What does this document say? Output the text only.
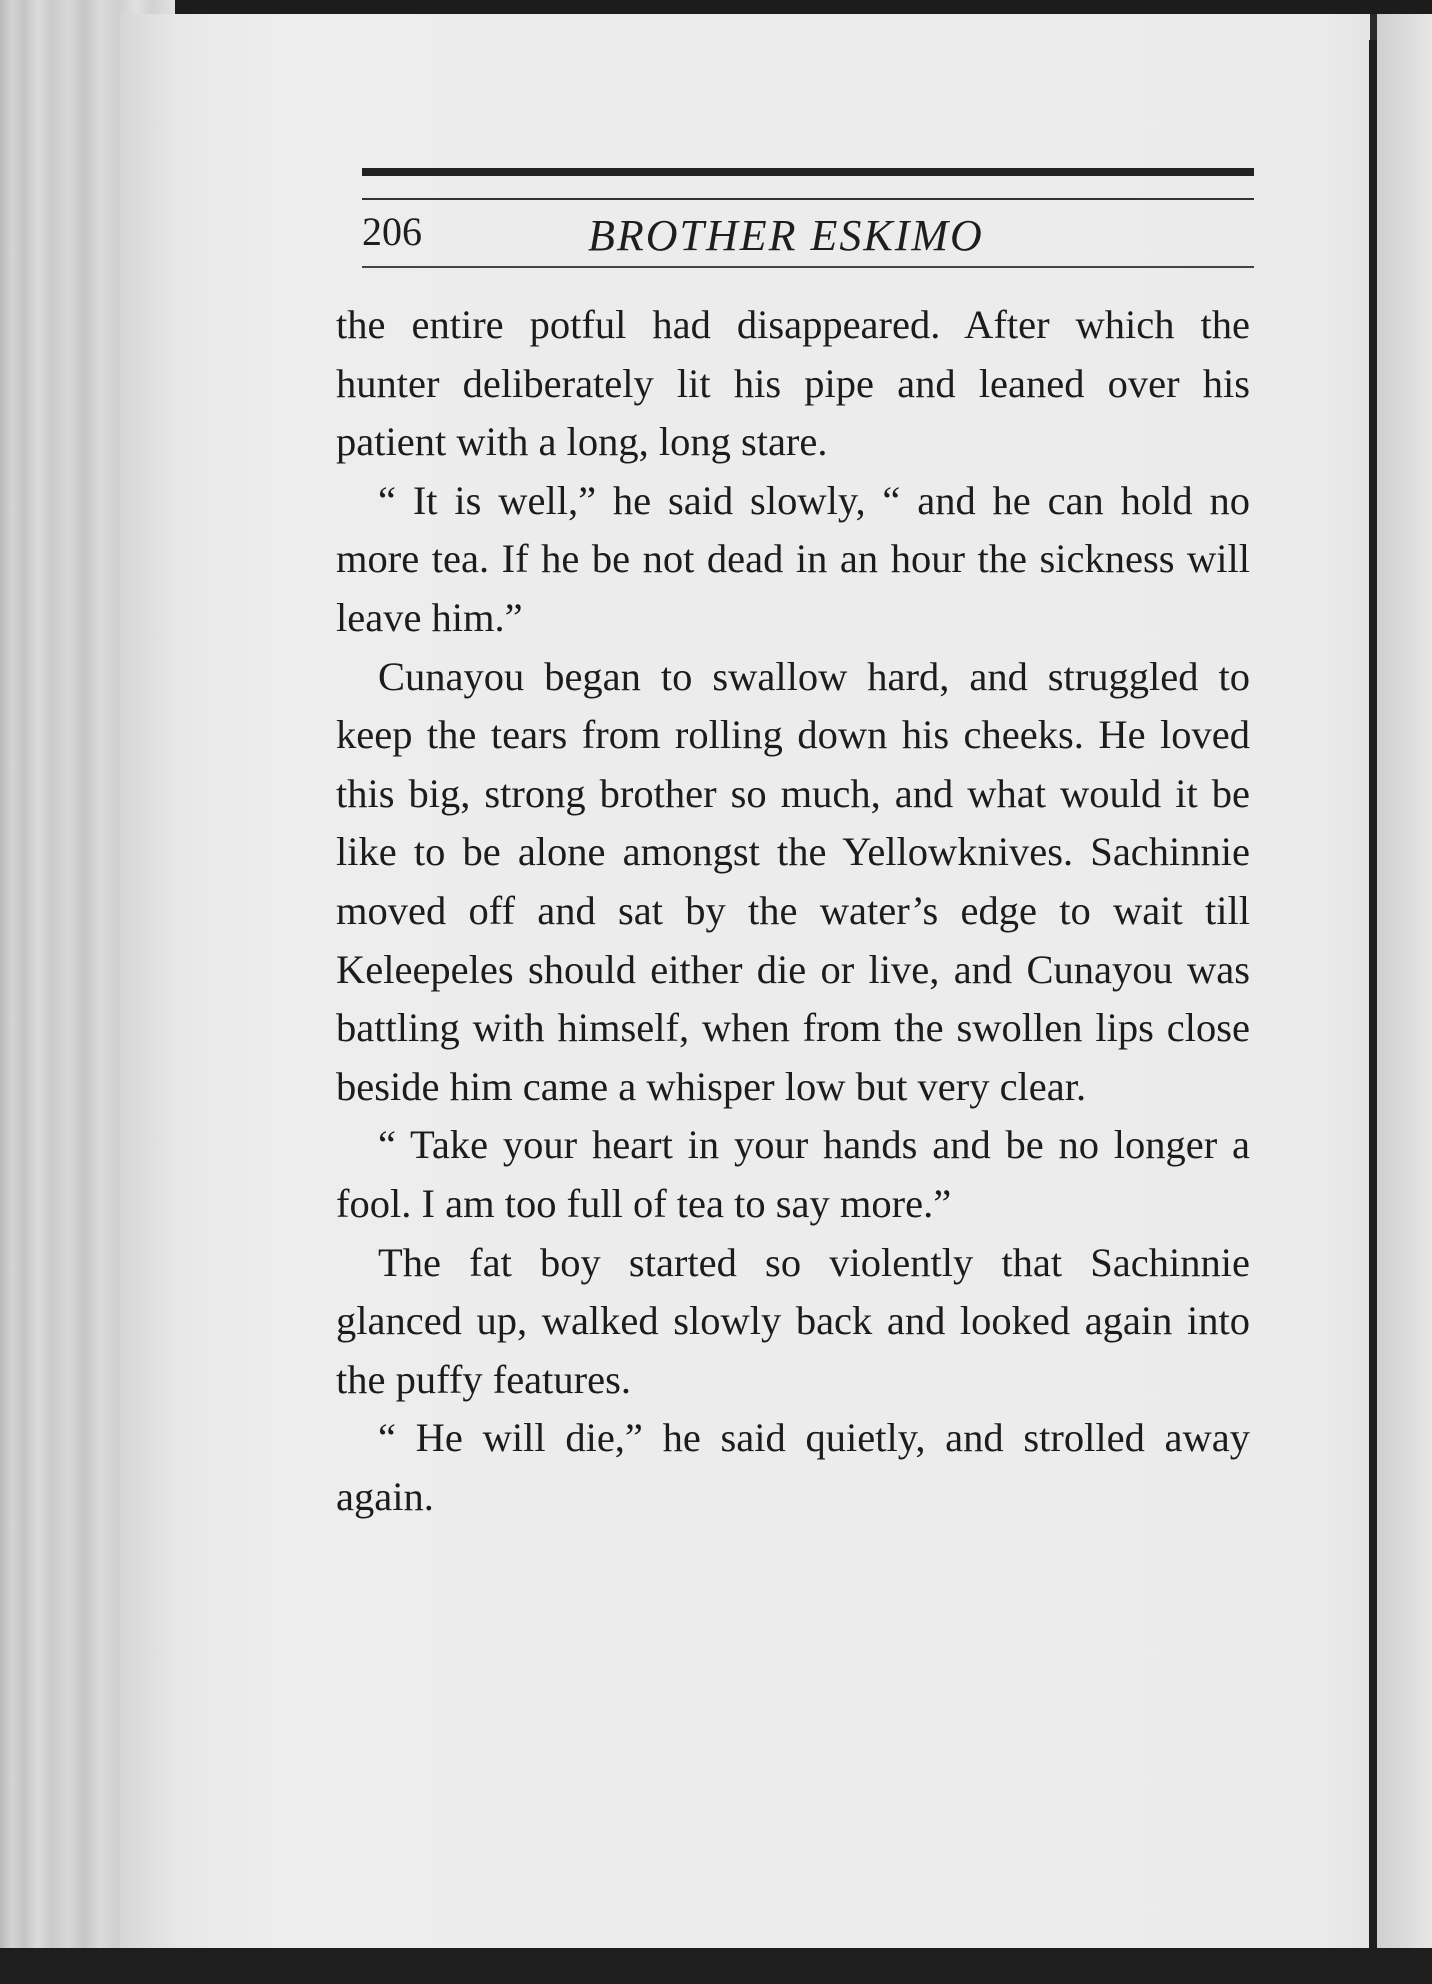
206	BROTHER ESKIMO

the entire potful had disappeared. After which the hunter deliberately lit his pipe and leaned over his patient with a long, long stare.

“ It is well,” he said slowly, “ and he can hold no more tea. If he be not dead in an hour the sickness will leave him.”

Cunayou began to swallow hard, and struggled to keep the tears from rolling down his cheeks. He loved this big, strong brother so much, and what would it be like to be alone amongst the Yellowknives. Sachinnie moved off and sat by the water’s edge to wait till Keleepeles should either die or live, and Cunayou was battling with himself, when from the swollen lips close beside him came a whisper low but very clear.

“ Take your heart in your hands and be no longer a fool. I am too full of tea to say more.”

The fat boy started so violently that Sachinnie glanced up, walked slowly back and looked again into the puffy features.

“ He will die,” he said quietly, and strolled away again.
